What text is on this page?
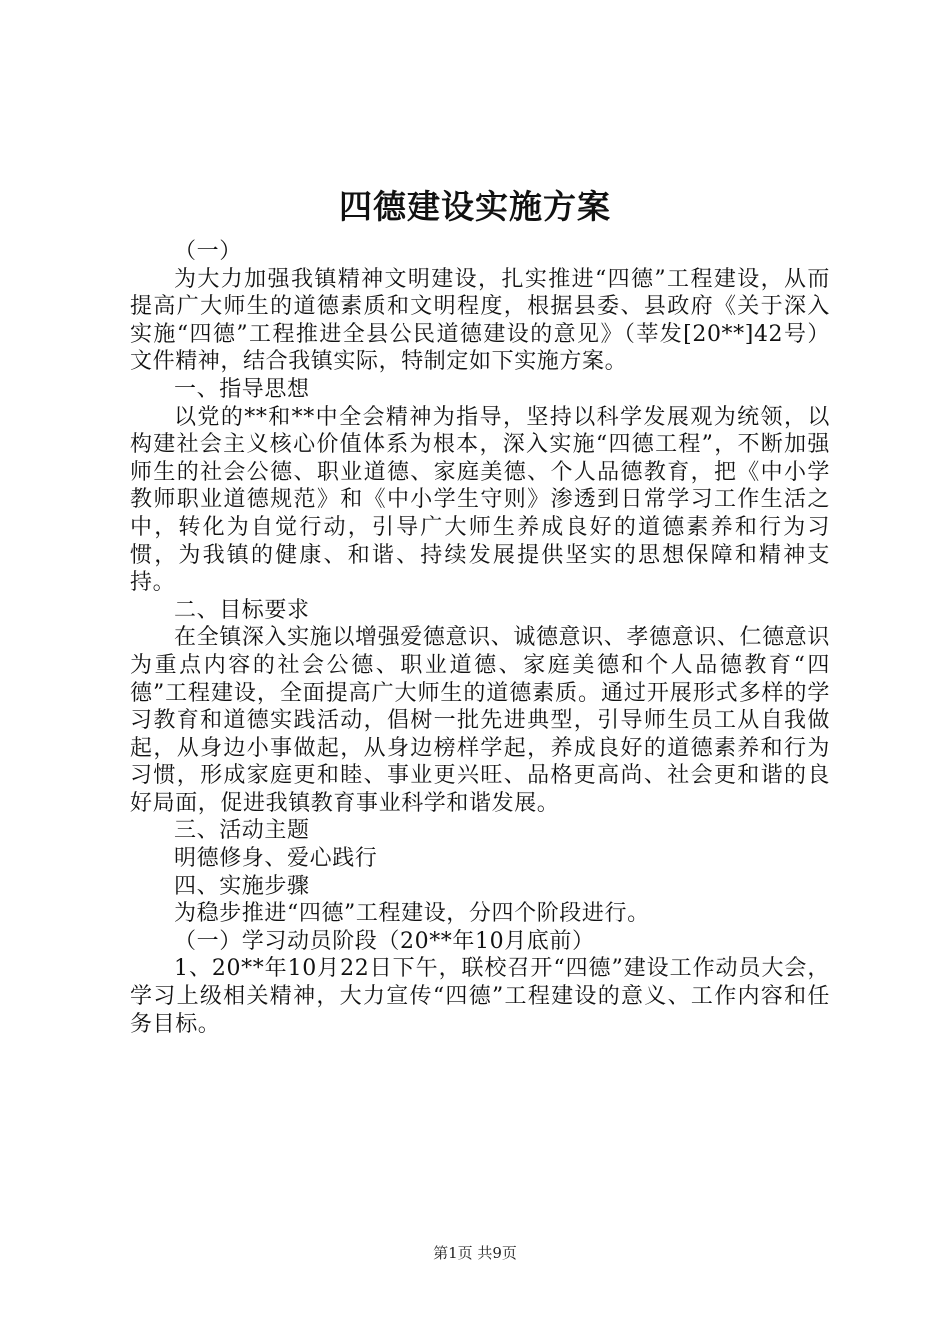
四德建设实施方案

（一）

为大力加强我镇精神文明建设，扎实推进“四德”工程建设，从而提高广大师生的道德素质和文明程度，根据县委、县政府《关于深入实施“四德”工程推进全县公民道德建设的意见》（莘发[20**]42号）文件精神，结合我镇实际，特制定如下实施方案。

一、指导思想

以党的**和**中全会精神为指导，坚持以科学发展观为统领，以构建社会主义核心价值体系为根本，深入实施“四德工程”，不断加强师生的社会公德、职业道德、家庭美德、个人品德教育，把《中小学教师职业道德规范》和《中小学生守则》渗透到日常学习工作生活之中，转化为自觉行动，引导广大师生养成良好的道德素养和行为习惯，为我镇的健康、和谐、持续发展提供坚实的思想保障和精神支持。

二、目标要求

在全镇深入实施以增强爱德意识、诚德意识、孝德意识、仁德意识为重点内容的社会公德、职业道德、家庭美德和个人品德教育“四德”工程建设，全面提高广大师生的道德素质。通过开展形式多样的学习教育和道德实践活动，倡树一批先进典型，引导师生员工从自我做起，从身边小事做起，从身边榜样学起，养成良好的道德素养和行为习惯，形成家庭更和睦、事业更兴旺、品格更高尚、社会更和谐的良好局面，促进我镇教育事业科学和谐发展。

三、活动主题

明德修身、爱心践行

四、实施步骤

为稳步推进“四德”工程建设，分四个阶段进行。

（一）学习动员阶段（20**年10月底前）

1、20**年10月22日下午，联校召开“四德”建设工作动员大会，学习上级相关精神，大力宣传“四德”工程建设的意义、工作内容和任务目标。

第1页 共9页
